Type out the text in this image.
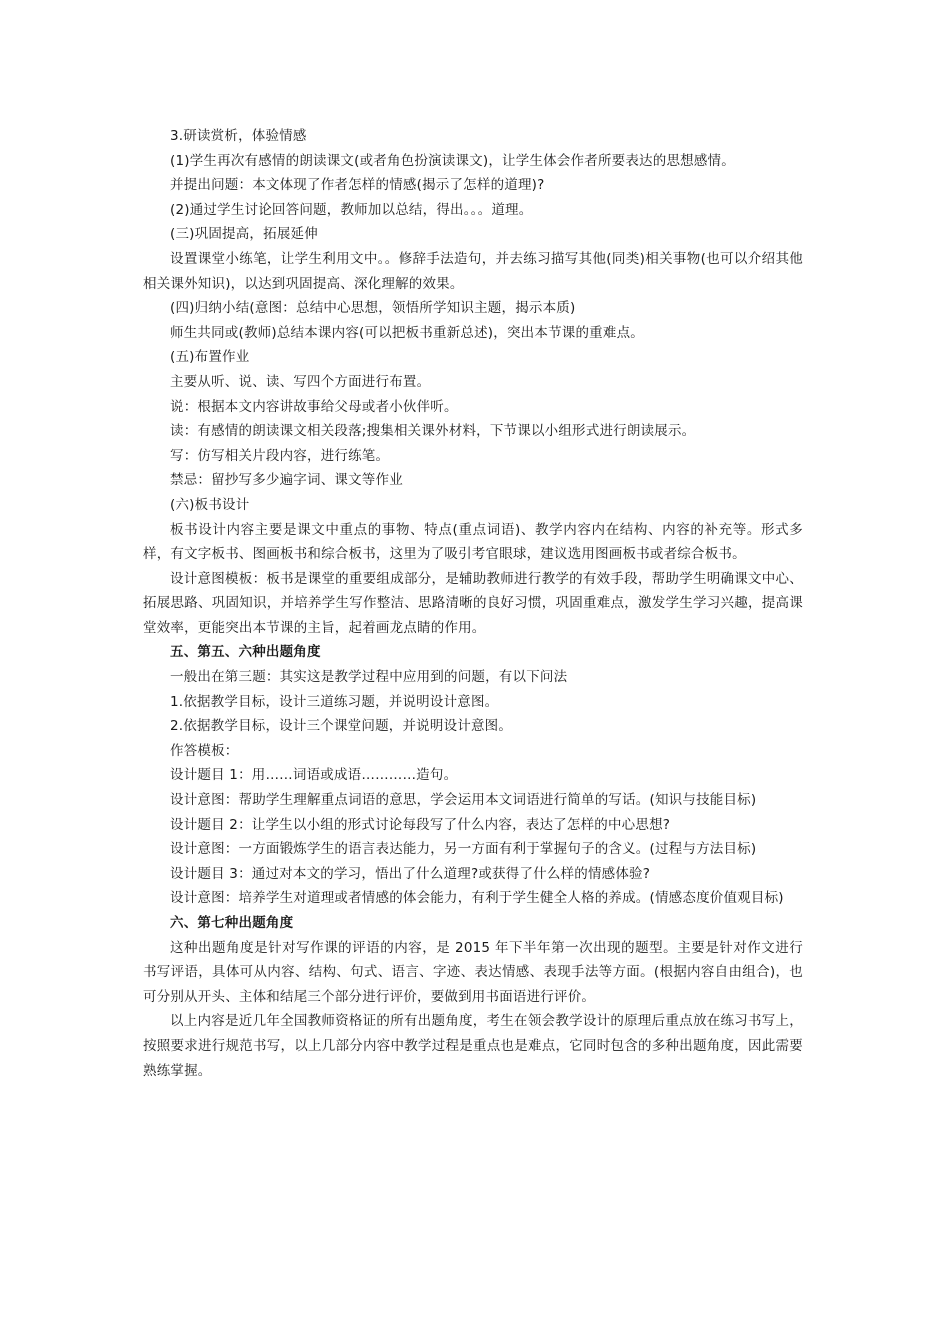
3.研读赏析，体验情感

(1)学生再次有感情的朗读课文(或者角色扮演读课文)，让学生体会作者所要表达的思想感情。

并提出问题：本文体现了作者怎样的情感(揭示了怎样的道理)?

(2)通过学生讨论回答问题，教师加以总结，得出。。。道理。

(三)巩固提高，拓展延伸

设置课堂小练笔，让学生利用文中。。修辞手法造句，并去练习描写其他(同类)相关事物(也可以介绍其他相关课外知识)，以达到巩固提高、深化理解的效果。

(四)归纳小结(意图：总结中心思想，领悟所学知识主题，揭示本质)

师生共同或(教师)总结本课内容(可以把板书重新总述)，突出本节课的重难点。

(五)布置作业

主要从听、说、读、写四个方面进行布置。

说：根据本文内容讲故事给父母或者小伙伴听。

读：有感情的朗读课文相关段落;搜集相关课外材料，下节课以小组形式进行朗读展示。

写：仿写相关片段内容，进行练笔。

禁忌：留抄写多少遍字词、课文等作业

(六)板书设计

板书设计内容主要是课文中重点的事物、特点(重点词语)、教学内容内在结构、内容的补充等。形式多样，有文字板书、图画板书和综合板书，这里为了吸引考官眼球，建议选用图画板书或者综合板书。

设计意图模板：板书是课堂的重要组成部分，是辅助教师进行教学的有效手段，帮助学生明确课文中心、拓展思路、巩固知识，并培养学生写作整洁、思路清晰的良好习惯，巩固重难点，激发学生学习兴趣，提高课堂效率，更能突出本节课的主旨，起着画龙点睛的作用。

五、第五、六种出题角度

一般出在第三题：其实这是教学过程中应用到的问题，有以下问法

1.依据教学目标，设计三道练习题，并说明设计意图。

2.依据教学目标，设计三个课堂问题，并说明设计意图。

作答模板：

设计题目 1：用……词语或成语…………造句。

设计意图：帮助学生理解重点词语的意思，学会运用本文词语进行简单的写话。(知识与技能目标)

设计题目 2：让学生以小组的形式讨论每段写了什么内容，表达了怎样的中心思想?

设计意图：一方面锻炼学生的语言表达能力，另一方面有利于掌握句子的含义。(过程与方法目标)

设计题目 3：通过对本文的学习，悟出了什么道理?或获得了什么样的情感体验?

设计意图：培养学生对道理或者情感的体会能力，有利于学生健全人格的养成。(情感态度价值观目标)

六、第七种出题角度

这种出题角度是针对写作课的评语的内容，是 2015 年下半年第一次出现的题型。主要是针对作文进行书写评语，具体可从内容、结构、句式、语言、字迹、表达情感、表现手法等方面。(根据内容自由组合)，也可分别从开头、主体和结尾三个部分进行评价，要做到用书面语进行评价。

以上内容是近几年全国教师资格证的所有出题角度，考生在领会教学设计的原理后重点放在练习书写上，按照要求进行规范书写，以上几部分内容中教学过程是重点也是难点，它同时包含的多种出题角度，因此需要熟练掌握。
